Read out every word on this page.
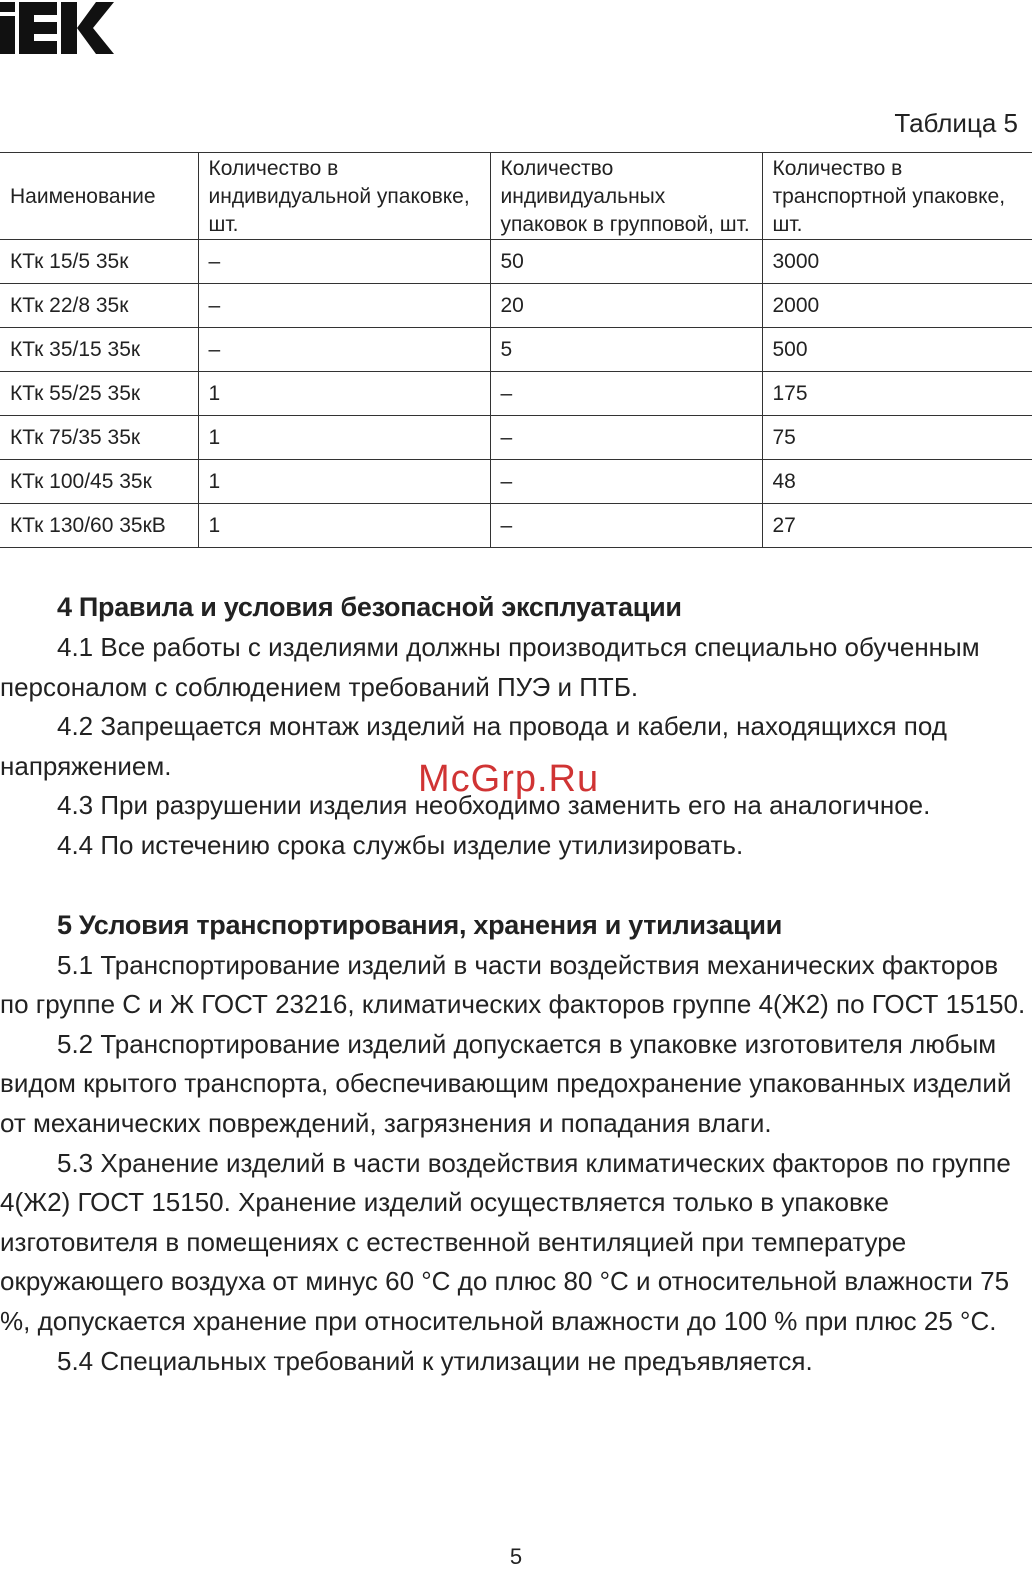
Таблица 5
Наименование	Количество в индивидуальной упаковке, шт.	Количество индивидуальных упаковок в групповой, шт.	Количество в транспортной упаковке, шт.
КТк 15/5 35к	–	50	3000
КТк 22/8 35к	–	20	2000
КТк 35/15 35к	–	5	500
КТк 55/25 35к	1	–	175
КТк 75/35 35к	1	–	75
КТк 100/45 35к	1	–	48
КТк 130/60 35кВ	1	–	27
4 Правила и условия безопасной эксплуатации

4.1 Все работы с изделиями должны производиться специально обученным персоналом с соблюдением требований ПУЭ и ПТБ.

4.2 Запрещается монтаж изделий на провода и кабели, находящихся под напряжением.

4.3 При разрушении изделия необходимо заменить его на аналогичное.

4.4 По истечению срока службы изделие утилизировать.

5 Условия транспортирования, хранения и утилизации

5.1 Транспортирование изделий в части воздействия механических факторов по группе С и Ж ГОСТ 23216, климатических факторов группе 4(Ж2) по ГОСТ 15150.

5.2 Транспортирование изделий допускается в упаковке изготовителя любым видом крытого транспорта, обеспечивающим предохранение упакованных изделий от механических повреждений, загрязнения и попадания влаги.

5.3 Хранение изделий в части воздействия климатических факторов по группе 4(Ж2) ГОСТ 15150. Хранение изделий осуществляется только в упаковке изготовителя в помещениях с естественной вентиляцией при температуре окружающего воздуха от минус 60 °С до плюс 80 °С и относительной влажности 75 %, допускается хранение при относительной влажности до 100 % при плюс 25 °С.

5.4 Специальных требований к утилизации не предъявляется.

McGrp.Ru
5
